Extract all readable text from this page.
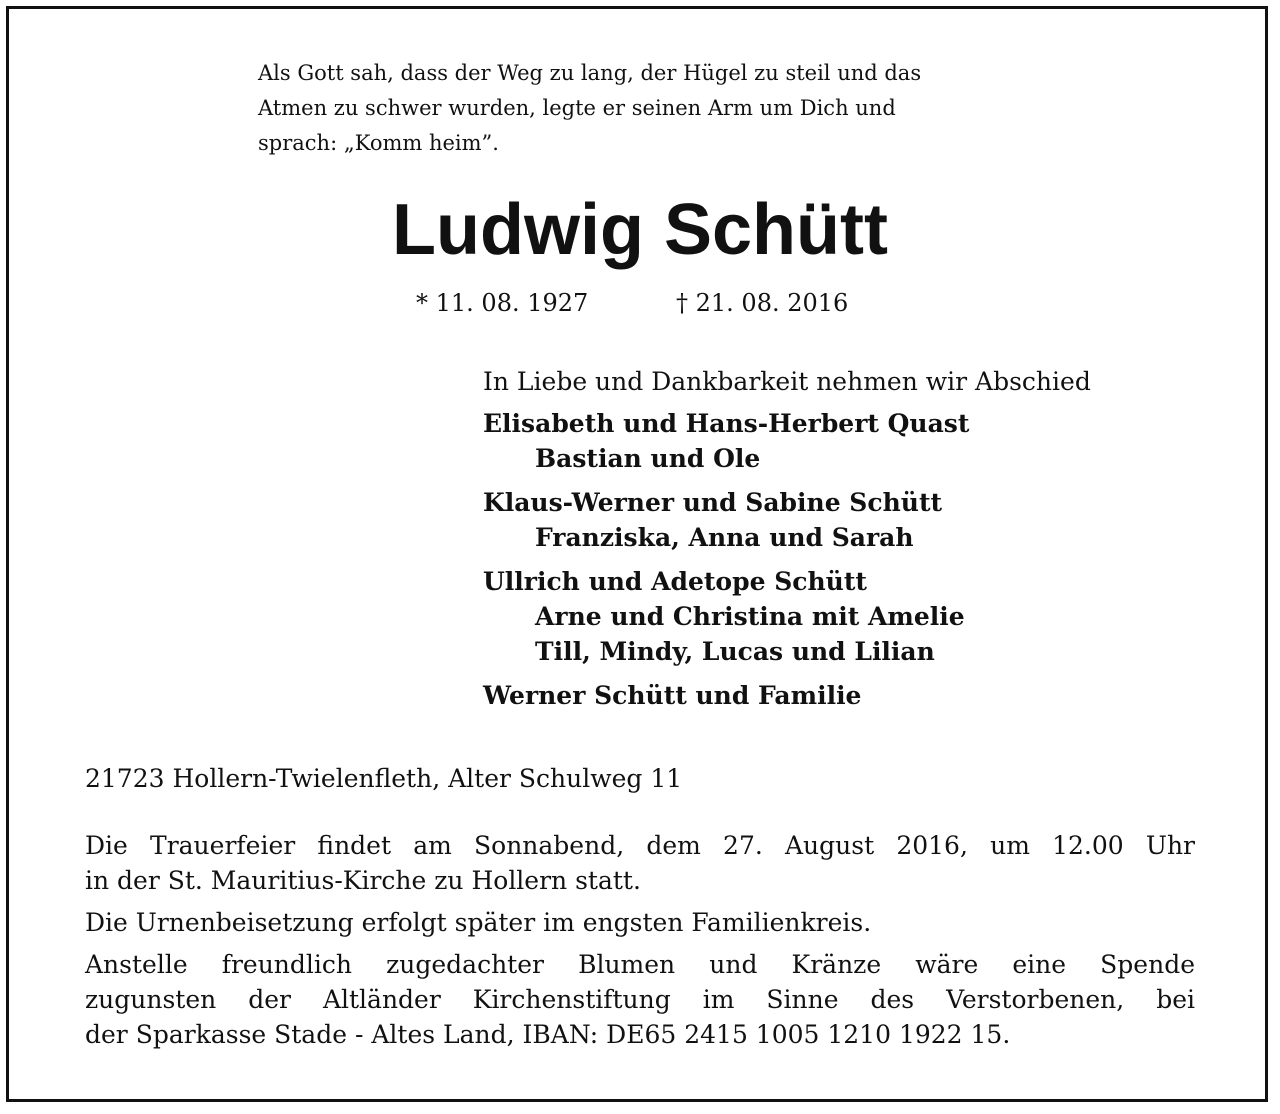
Als Gott sah, dass der Weg zu lang, der Hügel zu steil und das
Atmen zu schwer wurden, legte er seinen Arm um Dich und
sprach: „Komm heim”.
Ludwig Schütt
* 11. 08. 1927	† 21. 08. 2016
In Liebe und Dankbarkeit nehmen wir Abschied
Elisabeth und Hans-Herbert Quast
Bastian und Ole
Klaus-Werner und Sabine Schütt
Franziska, Anna und Sarah
Ullrich und Adetope Schütt
Arne und Christina mit Amelie
Till, Mindy, Lucas und Lilian
Werner Schütt und Familie
21723 Hollern-Twielenfleth, Alter Schulweg 11
Die Trauerfeier findet am Sonnabend, dem 27. August 2016, um 12.00 Uhr
in der St. Mauritius-Kirche zu Hollern statt.
Die Urnenbeisetzung erfolgt später im engsten Familienkreis.
Anstelle freundlich zugedachter Blumen und Kränze wäre eine Spende
zugunsten der Altländer Kirchenstiftung im Sinne des Verstorbenen, bei
der Sparkasse Stade - Altes Land, IBAN: DE65 2415 1005 1210 1922 15.
